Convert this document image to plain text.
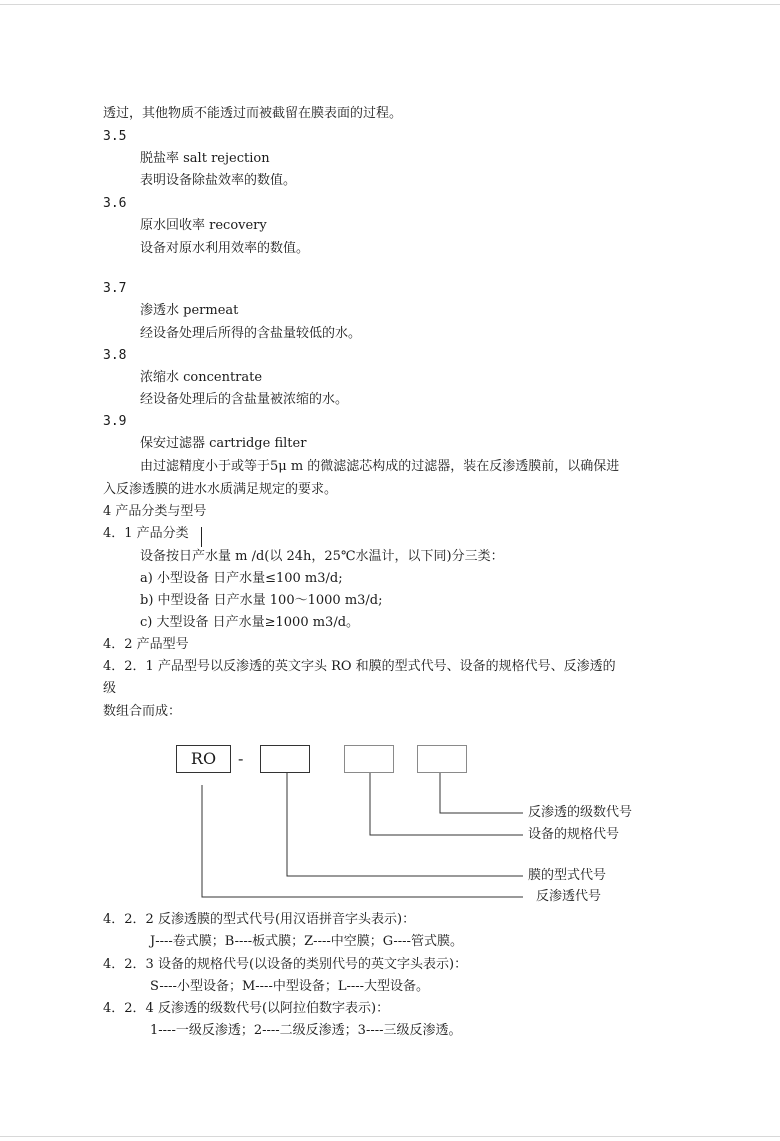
透过，其他物质不能透过而被截留在膜表面的过程。
3.5
脱盐率 salt rejection
表明设备除盐效率的数值。
3.6
原水回收率 recovery
设备对原水利用效率的数值。
3.7
渗透水 permeat
经设备处理后所得的含盐量较低的水。
3.8
浓缩水 concentrate
经设备处理后的含盐量被浓缩的水。
3.9
保安过滤器 cartridge filter
由过滤精度小于或等于5μ m 的微滤滤芯构成的过滤器，装在反渗透膜前，以确保进
入反渗透膜的进水水质满足规定的要求。
4 产品分类与型号
4．1 产品分类
设备按日产水量 m /d(以 24h，25℃水温计，以下同)分三类：
a) 小型设备 日产水量≤100 m3/d;
b) 中型设备 日产水量 100～1000 m3/d;
c) 大型设备 日产水量≥1000 m3/d。
4．2 产品型号
4．2．1 产品型号以反渗透的英文字头 RO 和膜的型式代号、设备的规格代号、反渗透的
级
数组合而成：
RO	-
反渗透的级数代号
设备的规格代号
膜的型式代号
反渗透代号
4．2．2 反渗透膜的型式代号(用汉语拼音字头表示)：
J----卷式膜；B----板式膜；Z----中空膜；G----管式膜。
4．2．3 设备的规格代号(以设备的类别代号的英文字头表示)：
S----小型设备；M----中型设备；L----大型设备。
4．2．4 反渗透的级数代号(以阿拉伯数字表示)：
1----一级反渗透；2----二级反渗透；3----三级反渗透。
